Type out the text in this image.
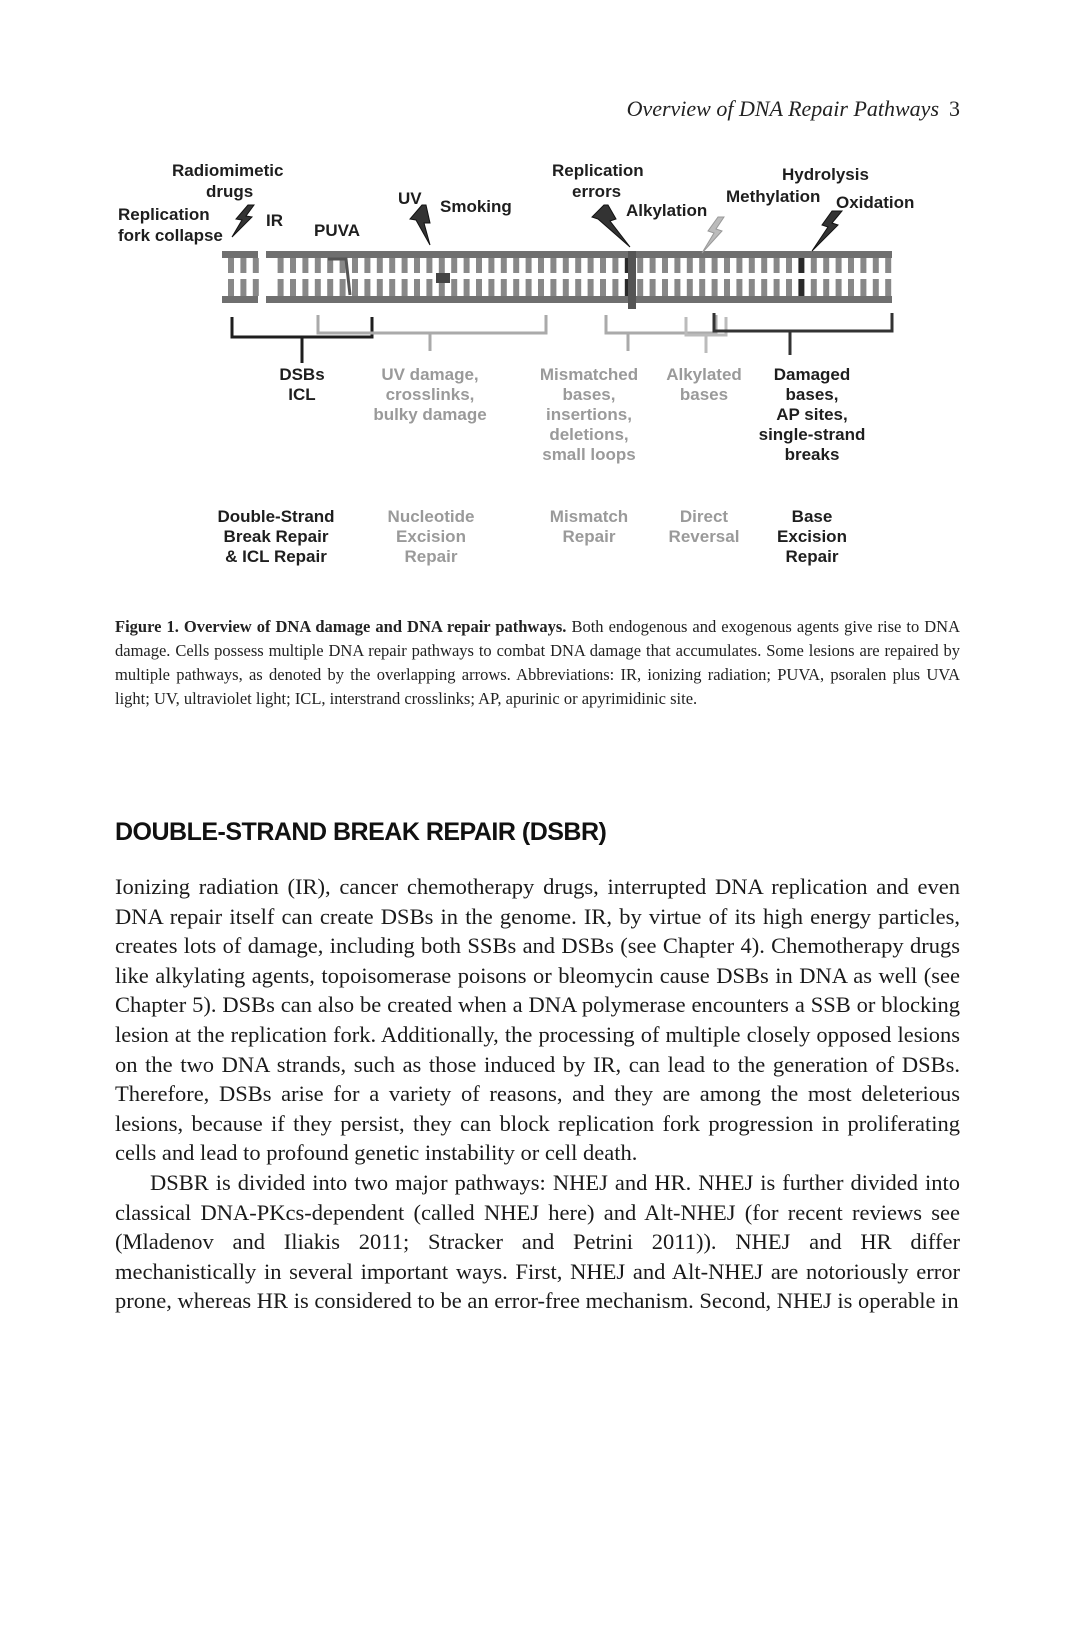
Overview of DNA Repair Pathways 3
Radiomimetic
drugs
Replication
fork collapse
IR
PUVA
UV Smoking
Replication
errors
Alkylation
Hydrolysis
Methylation Oxidation
DSBs
ICL
UV damage,
crosslinks,
bulky damage
Mismatched
bases,
insertions,
deletions,
small loops
Alkylated
bases
Damaged
bases,
AP sites,
single-strand
breaks
Double-Strand
Break Repair
& ICL Repair
Nucleotide
Excision
Repair
Mismatch
Repair
Direct
Reversal
Base
Excision
Repair
Figure 1. Overview of DNA damage and DNA repair pathways. Both endogenous and exogenous agents give rise to DNA damage. Cells possess multiple DNA repair pathways to combat DNA damage that accumulates. Some lesions are repaired by multiple pathways, as denoted by the overlapping arrows. Abbreviations: IR, ionizing radiation; PUVA, psoralen plus UVA light; UV, ultraviolet light; ICL, interstrand crosslinks; AP, apurinic or apyrimidinic site.
DOUBLE-STRAND BREAK REPAIR (DSBR)

Ionizing radiation (IR), cancer chemotherapy drugs, interrupted DNA replication and even DNA repair itself can create DSBs in the genome. IR, by virtue of its high energy particles, creates lots of damage, including both SSBs and DSBs (see Chapter 4). Chemotherapy drugs like alkylating agents, topoisomerase poisons or bleomycin cause DSBs in DNA as well (see Chapter 5). DSBs can also be created when a DNA polymerase encounters a SSB or blocking lesion at the replication fork. Additionally, the processing of multiple closely opposed lesions on the two DNA strands, such as those induced by IR, can lead to the generation of DSBs. Therefore, DSBs arise for a variety of reasons, and they are among the most deleterious lesions, because if they persist, they can block replication fork progression in proliferating cells and lead to profound genetic instability or cell death.

DSBR is divided into two major pathways: NHEJ and HR. NHEJ is further divided into classical DNA-PKcs-dependent (called NHEJ here) and Alt-NHEJ (for recent reviews see (Mladenov and Iliakis 2011; Stracker and Petrini 2011)). NHEJ and HR differ mechanistically in several important ways. First, NHEJ and Alt-NHEJ are notoriously error prone, whereas HR is considered to be an error-free mechanism. Second, NHEJ is operable in
